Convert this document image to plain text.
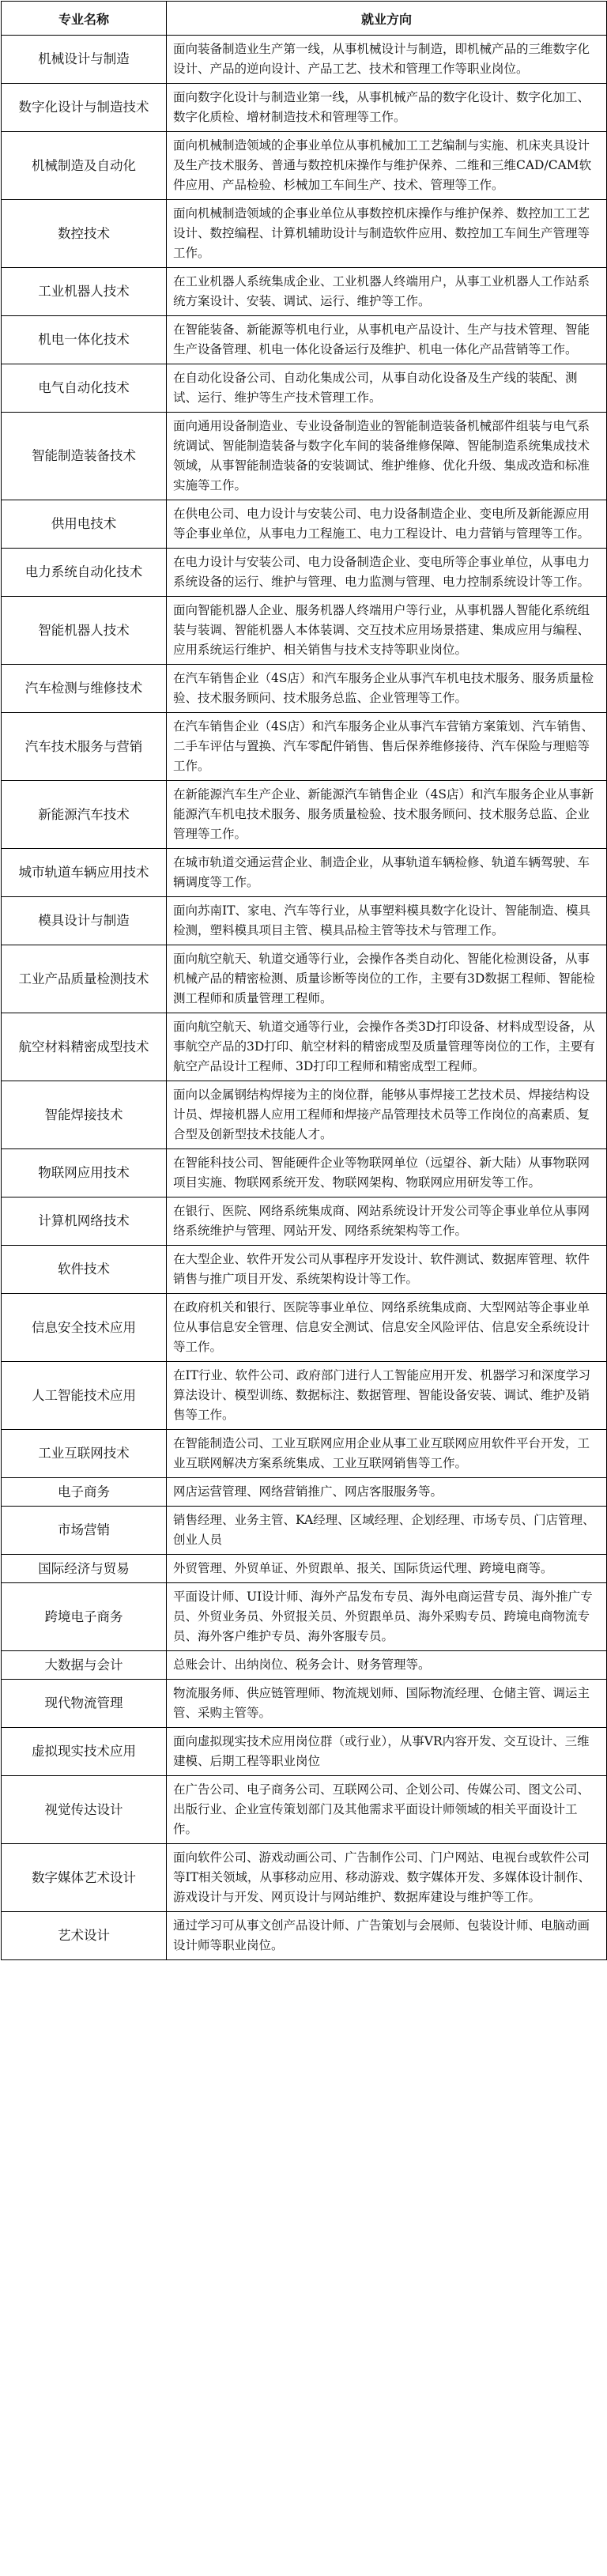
专业名称	就业方向
机械设计与制造	面向装备制造业生产第一线，从事机械设计与制造，即机械产品的三维数字化设计、产品的逆向设计、产品工艺、技术和管理工作等职业岗位。
数字化设计与制造技术	面向数字化设计与制造业第一线，从事机械产品的数字化设计、数字化加工、数字化质检、增材制造技术和管理等工作。
机械制造及自动化	面向机械制造领域的企事业单位从事机械加工工艺编制与实施、机床夹具设计及生产技术服务、普通与数控机床操作与维护保养、二维和三维CAD/CAM软件应用、产品检验、杉械加工车间生产、技术、管理等工作。
数控技术	面向机械制造领域的企事业单位从事数控机床操作与维护保养、数控加工工艺设计、数控编程、计算机辅助设计与制造软件应用、数控加工车间生产管理等工作。
工业机器人技术	在工业机器人系统集成企业、工业机器人终端用户，从事工业机器人工作站系统方案设计、安装、调试、运行、维护等工作。
机电一体化技术	在智能装备、新能源等机电行业，从事机电产品设计、生产与技术管理、智能生产设备管理、机电一体化设备运行及维护、机电一体化产品营销等工作。
电气自动化技术	在自动化设备公司、自动化集成公司，从事自动化设备及生产线的装配、测试、运行、维护等生产技术管理工作。
智能制造装备技术	面向通用设备制造业、专业设备制造业的智能制造装备机械部件组装与电气系统调试、智能制造装备与数字化车间的装备维修保障、智能制造系统集成技术领域，从事智能制造装备的安装调试、维护维修、优化升级、集成改造和标准实施等工作。
供用电技术	在供电公司、电力设计与安装公司、电力设备制造企业、变电所及新能源应用等企事业单位，从事电力工程施工、电力工程设计、电力营销与管理等工作。
电力系统自动化技术	在电力设计与安装公司、电力设备制造企业、变电所等企事业单位，从事电力系统设备的运行、维护与管理、电力监测与管理、电力控制系统设计等工作。
智能机器人技术	面向智能机器人企业、服务机器人终端用户等行业，从事机器人智能化系统组装与装调、智能机器人本体装调、交互技术应用场景搭建、集成应用与编程、应用系统运行维护、相关销售与技术支持等职业岗位。
汽车检测与维修技术	在汽车销售企业（4S店）和汽车服务企业从事汽车机电技术服务、服务质量检验、技术服务顾问、技术服务总监、企业管理等工作。
汽车技术服务与营销	在汽车销售企业（4S店）和汽车服务企业从事汽车营销方案策划、汽车销售、二手车评估与置换、汽车零配件销售、售后保养维修接待、汽车保险与理赔等工作。
新能源汽车技术	在新能源汽车生产企业、新能源汽车销售企业（4S店）和汽车服务企业从事新能源汽车机电技术服务、服务质量检验、技术服务顾问、技术服务总监、企业管理等工作。
城市轨道车辆应用技术	在城市轨道交通运营企业、制造企业，从事轨道车辆检修、轨道车辆驾驶、车辆调度等工作。
模具设计与制造	面向苏南IT、家电、汽车等行业，从事塑料模具数字化设计、智能制造、模具检测，塑料模具项目主管、模具品检主管等技术与管理工作。
工业产品质量检测技术	面向航空航天、轨道交通等行业，会操作各类自动化、智能化检测设备，从事机械产品的精密检测、质量诊断等岗位的工作，主要有3D数据工程师、智能检测工程师和质量管理工程师。
航空材料精密成型技术	面向航空航天、轨道交通等行业，会操作各类3D打印设备、材料成型设备，从事航空产品的3D打印、航空材料的精密成型及质量管理等岗位的工作，主要有航空产品设计工程师、3D打印工程师和精密成型工程师。
智能焊接技术	面向以金属钢结构焊接为主的岗位群，能够从事焊接工艺技术员、焊接结构设计员、焊接机器人应用工程师和焊接产品管理技术员等工作岗位的高素质、复合型及创新型技术技能人才。
物联网应用技术	在智能科技公司、智能硬件企业等物联网单位（远望谷、新大陆）从事物联网项目实施、物联网系统开发、物联网架构、物联网应用研发等工作。
计算机网络技术	在银行、医院、网络系统集成商、网站系统设计开发公司等企事业单位从事网络系统维护与管理、网站开发、网络系统架构等工作。
软件技术	在大型企业、软件开发公司从事程序开发设计、软件测试、数据库管理、软件销售与推广项目开发、系统架构设计等工作。
信息安全技术应用	在政府机关和银行、医院等事业单位、网络系统集成商、大型网站等企事业单位从事信息安全管理、信息安全测试、信息安全风险评估、信息安全系统设计等工作。
人工智能技术应用	在IT行业、软件公司、政府部门进行人工智能应用开发、机器学习和深度学习算法设计、模型训练、数据标注、数据管理、智能设备安装、调试、维护及销售等工作。
工业互联网技术	在智能制造公司、工业互联网应用企业从事工业互联网应用软件平台开发，工业互联网解决方案系统集成、工业互联网销售等工作。
电子商务	网店运营管理、网络营销推广、网店客服服务等。
市场营销	销售经理、业务主管、KA经理、区域经理、企划经理、市场专员、门店管理、创业人员
国际经济与贸易	外贸管理、外贸单证、外贸跟单、报关、国际货运代理、跨境电商等。
跨境电子商务	平面设计师、UI设计师、海外产品发布专员、海外电商运营专员、海外推广专员、外贸业务员、外贸报关员、外贸跟单员、海外采购专员、跨境电商物流专员、海外客户维护专员、海外客服专员。
大数据与会计	总账会计、出纳岗位、税务会计、财务管理等。
现代物流管理	物流服务师、供应链管理师、物流规划师、国际物流经理、仓储主管、调运主管、采购主管等。
虚拟现实技术应用	面向虚拟现实技术应用岗位群（或行业），从事VR内容开发、交互设计、三维建模、后期工程等职业岗位
视觉传达设计	在广告公司、电子商务公司、互联网公司、企划公司、传媒公司、图文公司、出版行业、企业宣传策划部门及其他需求平面设计师领域的相关平面设计工作。
数字媒体艺术设计	面向软件公司、游戏动画公司、广告制作公司、门户网站、电视台或软件公司等IT相关领域，从事移动应用、移动游戏、数字媒体开发、多媒体设计制作、游戏设计与开发、网页设计与网站维护、数据库建设与维护等工作。
艺术设计	通过学习可从事文创产品设计师、广告策划与会展师、包装设计师、电脑动画设计师等职业岗位。
